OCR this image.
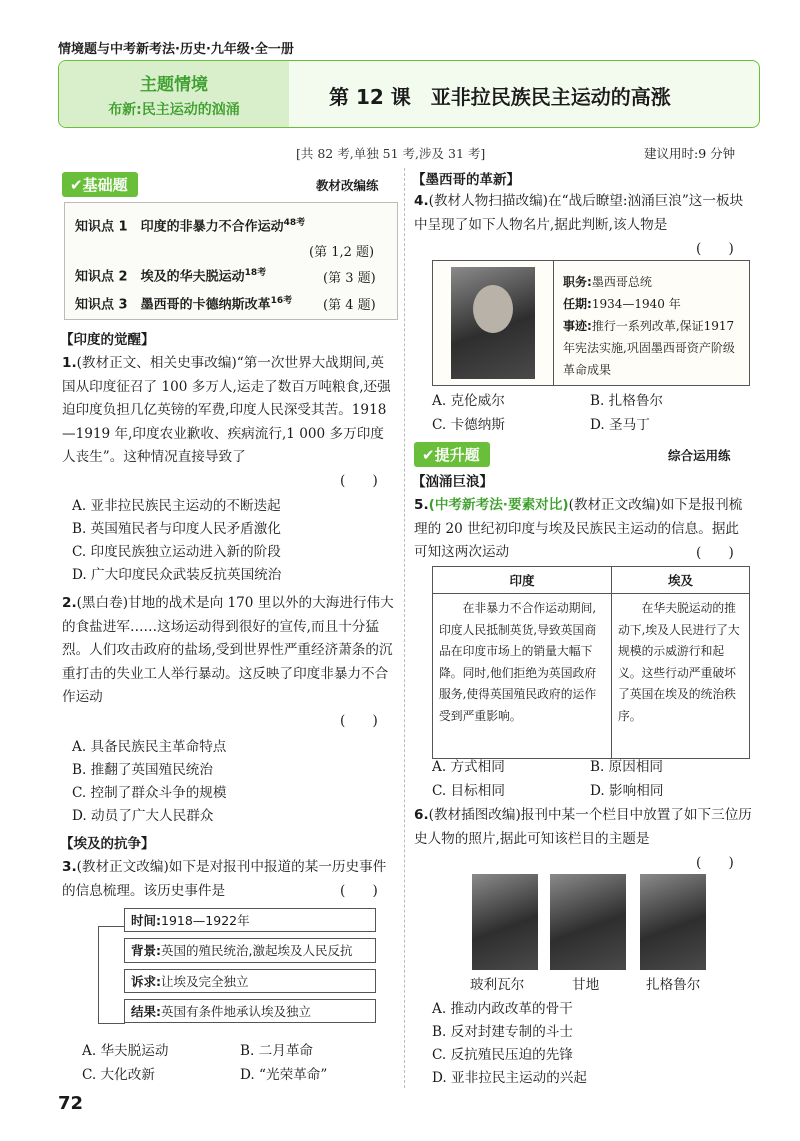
情境题与中考新考法·历史·九年级·全一册
主题情境
布新:民主运动的汹涌
第 12 课　亚非拉民族民主运动的高涨
[共 82 考,单独 51 考,涉及 31 考]	建议用时:9 分钟
✔基础题	教材改编练
知识点 1　印度的非暴力不合作运动$^{48考}$
(第 1,2 题)
知识点 2　埃及的华夫脱运动$^{18考}$	(第 3 题)
知识点 3　墨西哥的卡德纳斯改革$^{16考}$ (第 4 题)
【印度的觉醒】
1.(教材正文、相关史事改编)“第一次世界大战期间,英国从印度征召了 100 多万人,运走了数百万吨粮食,还强迫印度负担几亿英镑的军费,印度人民深受其苦。1918—1919 年,印度农业歉收、疾病流行,1 000 多万印度人丧生”。这种情况直接导致了
(　　)
A. 亚非拉民族民主运动的不断迭起
B. 英国殖民者与印度人民矛盾激化
C. 印度民族独立运动进入新的阶段
D. 广大印度民众武装反抗英国统治
2.(黑白卷)甘地的战术是向 170 里以外的大海进行伟大的食盐进军……这场运动得到很好的宣传,而且十分猛烈。人们攻击政府的盐场,受到世界性严重经济萧条的沉重打击的失业工人举行暴动。这反映了印度非暴力不合作运动
(　　)
A. 具备民族民主革命特点
B. 推翻了英国殖民统治
C. 控制了群众斗争的规模
D. 动员了广大人民群众
【埃及的抗争】
3.(教材正文改编)如下是对报刊中报道的某一历史事件的信息梳理。该历史事件是	(　　)
时间:1918—1922年
背景:英国的殖民统治,激起埃及人民反抗
诉求:让埃及完全独立
结果:英国有条件地承认埃及独立
A. 华夫脱运动	B. 二月革命
C. 大化改新	D. “光荣革命”
72
【墨西哥的革新】
4.(教材人物扫描改编)在“战后瞭望:汹涌巨浪”这一板块中呈现了如下人物名片,据此判断,该人物是
(　　)
职务:墨西哥总统
任期:1934—1940 年
事迹:推行一系列改革,保证1917 年宪法实施,巩固墨西哥资产阶级革命成果
A. 克伦威尔	B. 扎格鲁尔
C. 卡德纳斯	D. 圣马丁
✔提升题	综合运用练
【汹涌巨浪】
5.(中考新考法·要素对比)(教材正文改编)如下是报刊梳理的 20 世纪初印度与埃及民族民主运动的信息。据此可知这两次运动	(　　)
印度	埃及
在非暴力不合作运动期间,印度人民抵制英货,导致英国商品在印度市场上的销量大幅下降。同时,他们拒绝为英国政府服务,使得英国殖民政府的运作受到严重影响。	在华夫脱运动的推动下,埃及人民进行了大规模的示威游行和起义。这些行动严重破坏了英国在埃及的统治秩序。
A. 方式相同	B. 原因相同
C. 目标相同	D. 影响相同
6.(教材插图改编)报刊中某一个栏目中放置了如下三位历史人物的照片,据此可知该栏目的主题是
(　　)
玻利瓦尔	甘地	扎格鲁尔
A. 推动内政改革的骨干
B. 反对封建专制的斗士
C. 反抗殖民压迫的先锋
D. 亚非拉民主运动的兴起
